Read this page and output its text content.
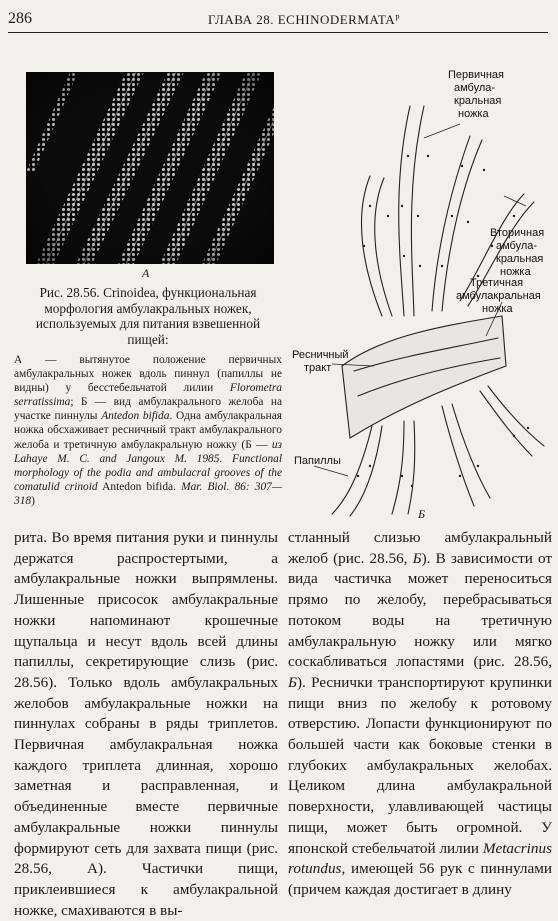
286	ГЛАВА 28. ECHINODERMATAᴾ
А
Рис. 28.56. Crinoidea, функциональная морфология амбулакральных ножек, используемых для питания взвешенной пищей:
А — вытянутое положение первичных амбулакральных ножек вдоль пиннул (папиллы не видны) у бесстебельчатой лилии Florometra serratissima; Б — вид амбулакрального желоба на участке пиннулы Antedon bifida. Одна амбулакральная ножка обсхаживает ресничный тракт амбулакрального желоба и третичную амбулакральную ножку (Б — из Lahaye M. C. and Jangoux M. 1985. Functional morphology of the podia and ambulacral grooves of the comatulid crinoid Antedon bifida. Mar. Biol. 86: 307—318)
Первичная
амбула-
кральная
ножка
Вторичная
амбула-
кральная
ножка
Ресничный
тракт
Третичная
амбулакральная
ножка
Папиллы
Б

рита. Во время питания руки и пиннулы держатся распростертыми, а амбулакральные ножки выпрямлены. Лишенные присосок амбулакральные ножки напоминают крошечные щупальца и несут вдоль всей длины папиллы, секретирующие слизь (рис. 28.56). Только вдоль амбулакральных желобов амбулакральные ножки на пиннулах собраны в ряды триплетов. Первичная амбулакральная ножка каждого триплета длинная, хорошо заметная и расправленная, и объединенные вместе первичные амбулакральные ножки пиннулы формируют сеть для захвата пищи (рис. 28.56, А). Частички пищи, приклеившиеся к амбулакральной ножке, смахиваются в вы-

стланный слизью амбулакральный желоб (рис. 28.56, Б). В зависимости от вида частичка может переноситься прямо по желобу, перебрасываться потоком воды на третичную амбулакральную ножку или мягко соскабливаться лопастями (рис. 28.56, Б). Реснички транспортируют крупинки пищи вниз по желобу к ротовому отверстию. Лопасти функционируют по большей части как боковые стенки в глубоких амбулакральных желобах. Целиком длина амбулакральной поверхности, улавливающей частицы пищи, может быть огромной. У японской стебельчатой лилии Metacrinus rotundus, имеющей 56 рук с пиннулами (причем каждая достигает в длину
